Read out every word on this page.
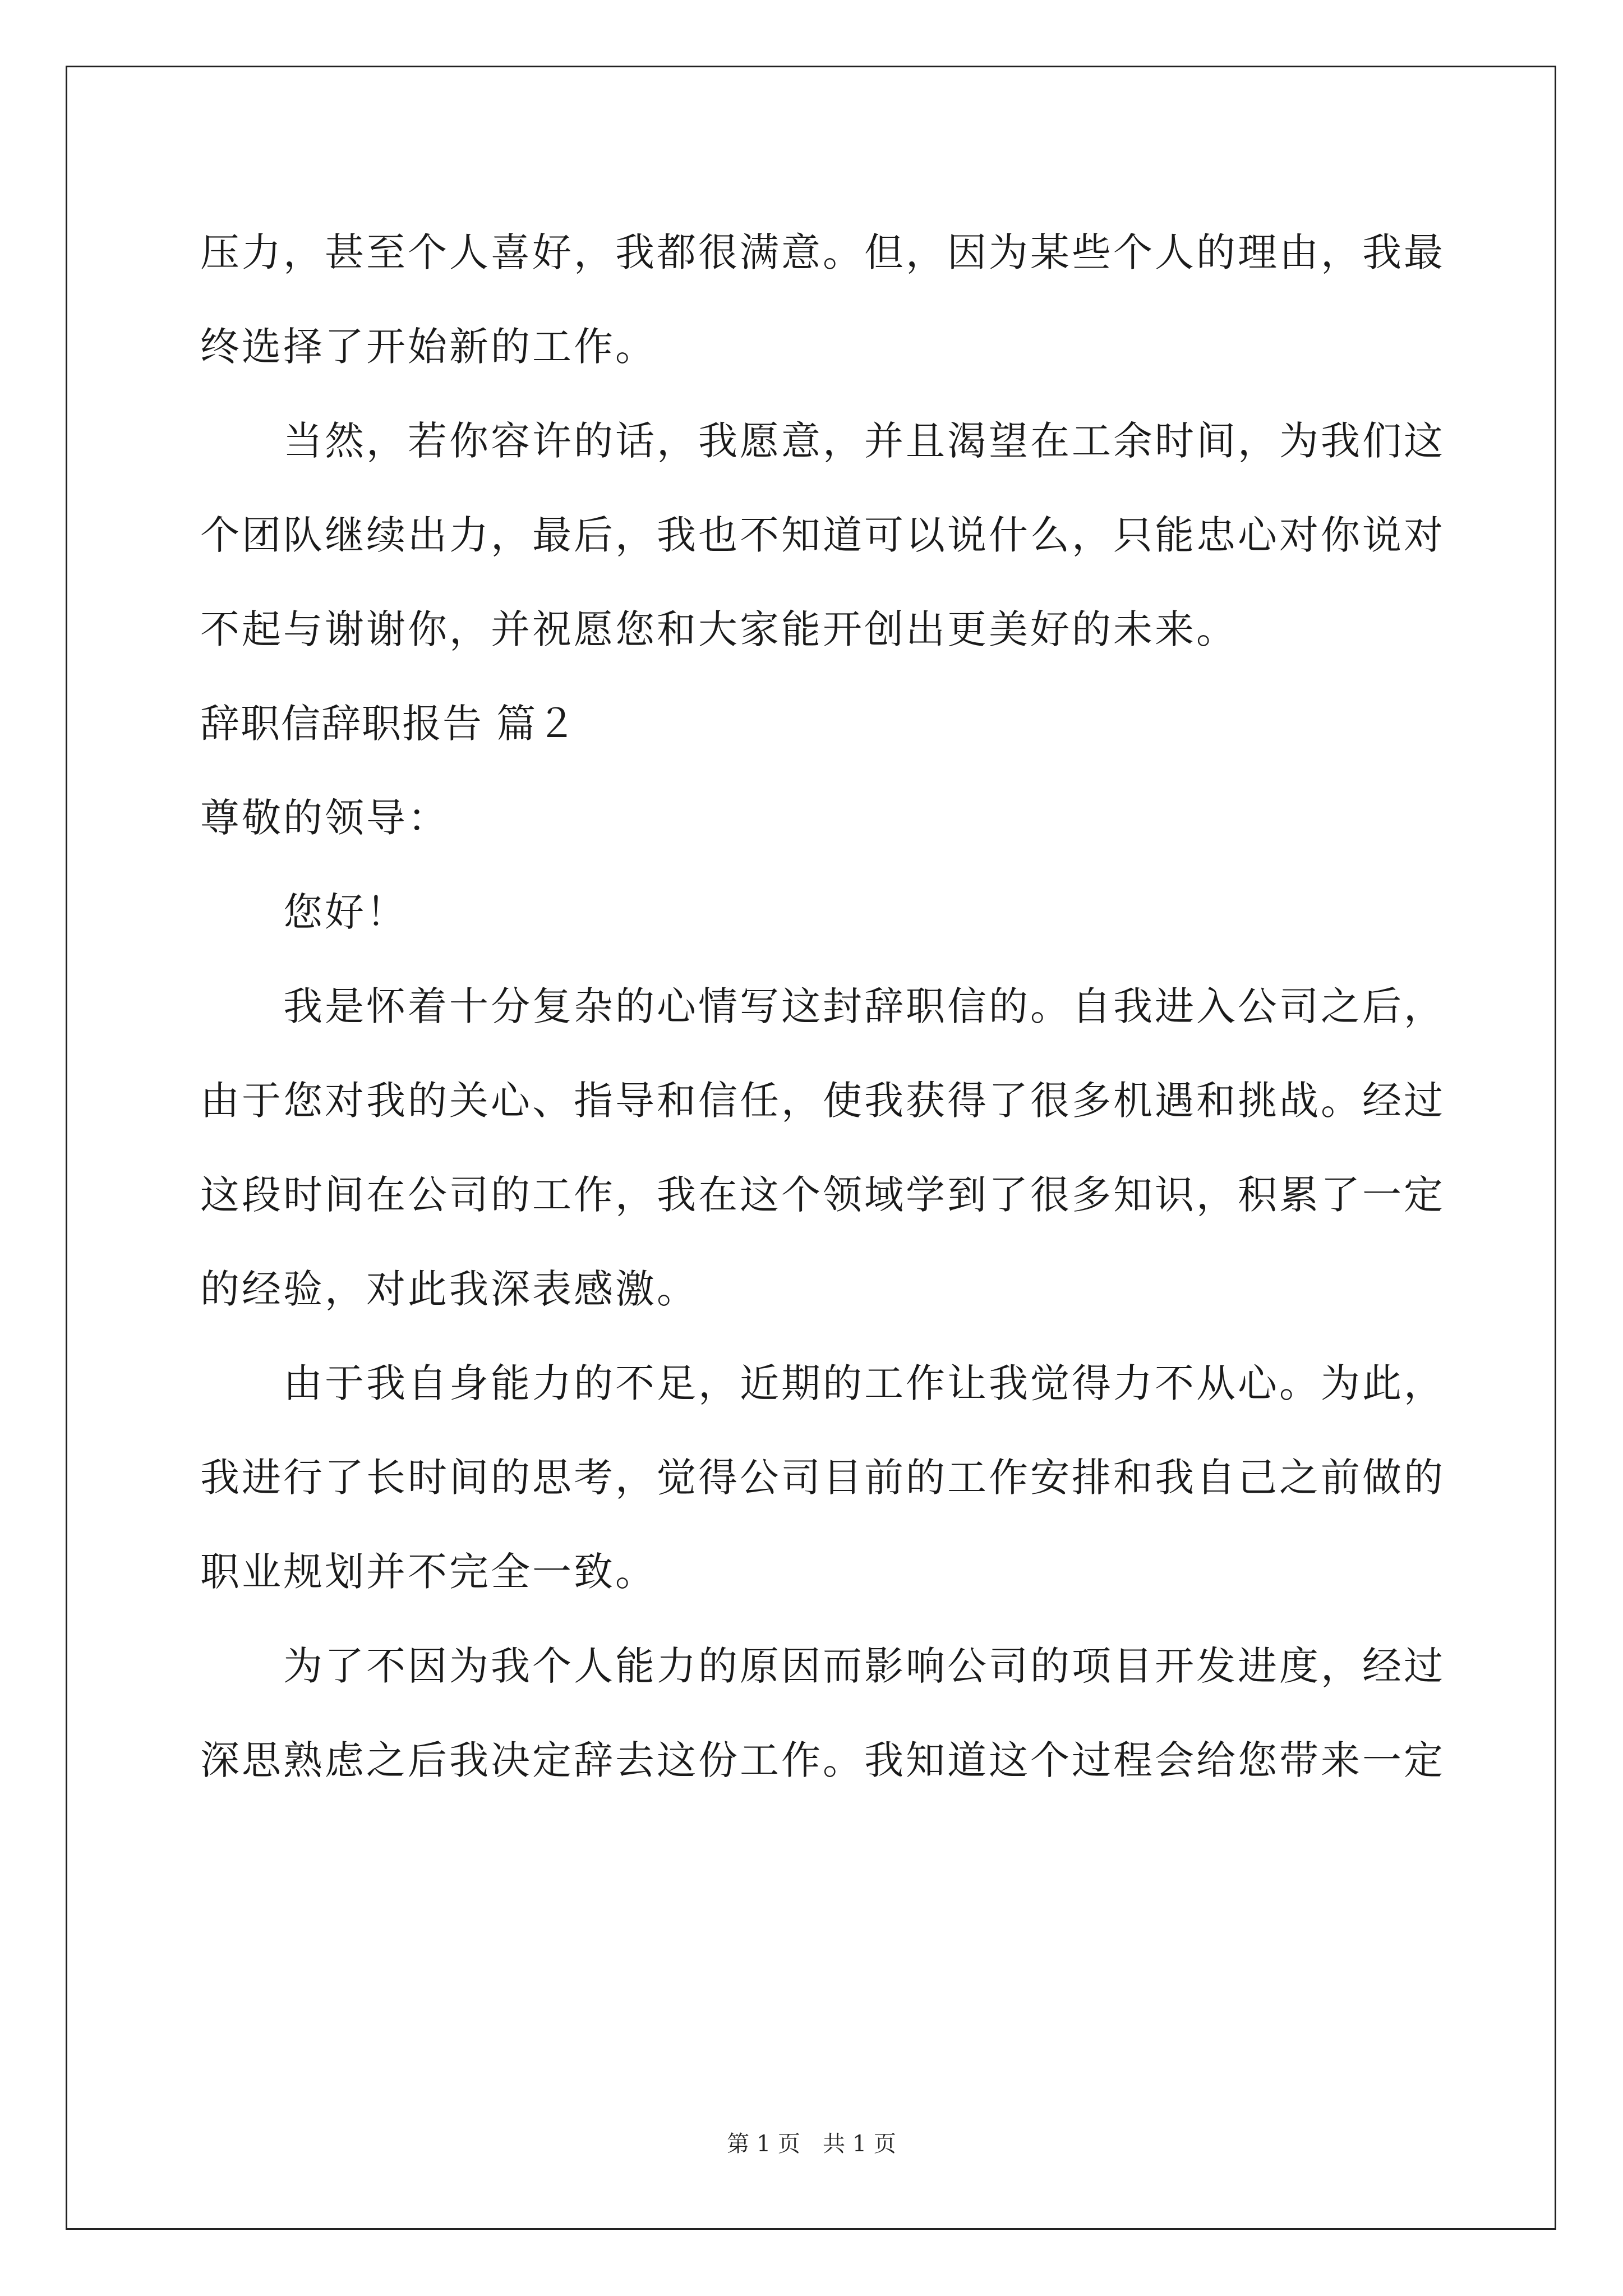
压力，甚至个人喜好，我都很满意。但，因为某些个人的理由，我最
终选择了开始新的工作。
　　当然，若你容许的话，我愿意，并且渴望在工余时间，为我们这
个团队继续出力，最后，我也不知道可以说什么，只能忠心对你说对
不起与谢谢你，并祝愿您和大家能开创出更美好的未来。
辞职信辞职报告 篇２
尊敬的领导：
　　您好！
　　我是怀着十分复杂的心情写这封辞职信的。自我进入公司之后，
由于您对我的关心、指导和信任，使我获得了很多机遇和挑战。经过
这段时间在公司的工作，我在这个领域学到了很多知识，积累了一定
的经验，对此我深表感激。
　　由于我自身能力的不足，近期的工作让我觉得力不从心。为此，
我进行了长时间的思考，觉得公司目前的工作安排和我自己之前做的
职业规划并不完全一致。
　　为了不因为我个人能力的原因而影响公司的项目开发进度，经过
深思熟虑之后我决定辞去这份工作。我知道这个过程会给您带来一定
第 1 页　共 1 页
